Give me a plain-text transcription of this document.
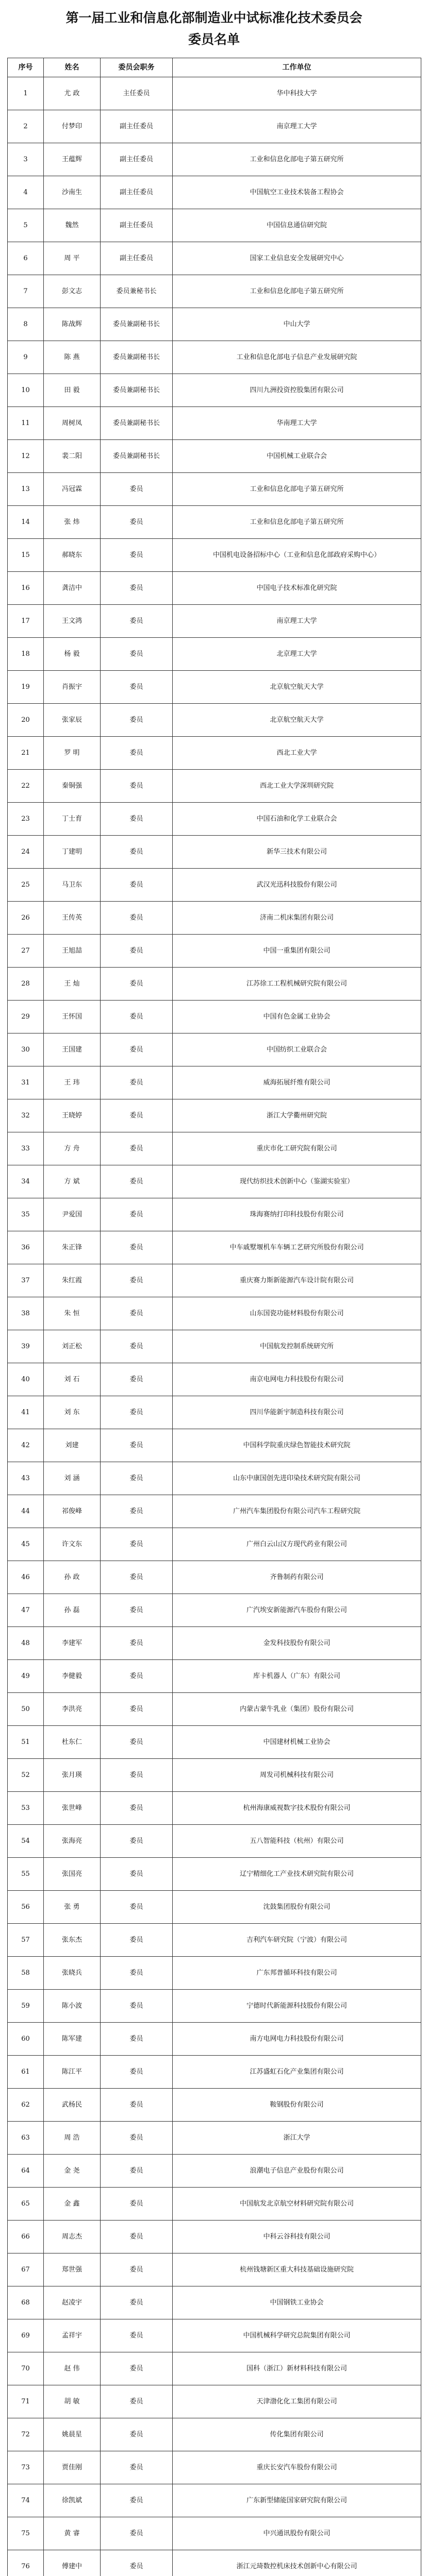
第一届工业和信息化部制造业中试标准化技术委员会
委员名单
序号	姓名	委员会职务	工作单位
1	尤 政	主任委员	华中科技大学
2	付梦印	副主任委员	南京理工大学
3	王蕴辉	副主任委员	工业和信息化部电子第五研究所
4	沙南生	副主任委员	中国航空工业技术装备工程协会
5	魏然	副主任委员	中国信息通信研究院
6	周 平	副主任委员	国家工业信息安全发展研究中心
7	彭文志	委员兼秘书长	工业和信息化部电子第五研究所
8	陈战辉	委员兼副秘书长	中山大学
9	陈 燕	委员兼副秘书长	工业和信息化部电子信息产业发展研究院
10	田 毅	委员兼副秘书长	四川九洲投资控股集团有限公司
11	周树凤	委员兼副秘书长	华南理工大学
12	裴二阳	委员兼副秘书长	中国机械工业联合会
13	冯冠霖	委员	工业和信息化部电子第五研究所
14	张 炜	委员	工业和信息化部电子第五研究所
15	郝晓东	委员	中国机电设备招标中心（工业和信息化部政府采购中心）
16	龚洁中	委员	中国电子技术标准化研究院
17	王文鸿	委员	南京理工大学
18	杨 毅	委员	北京理工大学
19	肖振宇	委员	北京航空航天大学
20	张家辰	委员	北京航空航天大学
21	罗 明	委员	西北工业大学
22	秦铜强	委员	西北工业大学深圳研究院
23	丁士育	委员	中国石油和化学工业联合会
24	丁建明	委员	新华三技术有限公司
25	马卫东	委员	武汉光迅科技股份有限公司
26	王传英	委员	济南二机床集团有限公司
27	王旭喆	委员	中国一重集团有限公司
28	王 灿	委员	江苏徐工工程机械研究院有限公司
29	王怀国	委员	中国有色金属工业协会
30	王国建	委员	中国纺织工业联合会
31	王 玮	委员	威海拓展纤维有限公司
32	王晓婷	委员	浙江大学衢州研究院
33	方 舟	委员	重庆市化工研究院有限公司
34	方 斌	委员	现代纺织技术创新中心（鉴湖实验室）
35	尹爱国	委员	珠海赛纳打印科技股份有限公司
36	朱正锋	委员	中车戚墅堰机车车辆工艺研究所股份有限公司
37	朱红霞	委员	重庆赛力斯新能源汽车设计院有限公司
38	朱 恒	委员	山东国瓷功能材料股份有限公司
39	刘正松	委员	中国航发控制系统研究所
40	刘 石	委员	南京电网电力科技股份有限公司
41	刘 东	委员	四川华能新宇制造科技有限公司
42	刘建	委员	中国科学院重庆绿色智能技术研究院
43	刘 涵	委员	山东中康国创先进印染技术研究院有限公司
44	祁俊峰	委员	广州汽车集团股份有限公司汽车工程研究院
45	许文东	委员	广州白云山汉方现代药业有限公司
46	孙 政	委员	齐鲁制药有限公司
47	孙 磊	委员	广汽埃安新能源汽车股份有限公司
48	李建军	委员	金发科技股份有限公司
49	李健毅	委员	库卡机器人（广东）有限公司
50	李洪亮	委员	内蒙古蒙牛乳业（集团）股份有限公司
51	杜东仁	委员	中国建材机械工业协会
52	张月瑛	委员	周发司机械科技有限公司
53	张世峰	委员	杭州海康威视数字技术股份有限公司
54	张海亮	委员	五八智能科技（杭州）有限公司
55	张国亮	委员	辽宁精细化工产业技术研究院有限公司
56	张 勇	委员	沈鼓集团股份有限公司
57	张东杰	委员	吉利汽车研究院（宁波）有限公司
58	张晓兵	委员	广东邦普循环科技有限公司
59	陈小波	委员	宁德时代新能源科技股份有限公司
60	陈军建	委员	南方电网电力科技股份有限公司
61	陈江平	委员	江苏盛虹石化产业集团有限公司
62	武杨民	委员	鞍钢股份有限公司
63	周 浩	委员	浙江大学
64	金 尧	委员	浪潮电子信息产业股份有限公司
65	金 鑫	委员	中国航发北京航空材料研究院有限公司
66	周志杰	委员	中科云谷科技有限公司
67	郑世强	委员	杭州钱塘新区重大科技基础设施研究院
68	赵凌宇	委员	中国钢铁工业协会
69	孟祥宇	委员	中国机械科学研究总院集团有限公司
70	赵 伟	委员	国科（浙江）新材料科技有限公司
71	胡 敏	委员	天津渤化化工集团有限公司
72	姚晨星	委员	传化集团有限公司
73	贾佳刚	委员	重庆长安汽车股份有限公司
74	徐凯斌	委员	广东新型储能国家研究院有限公司
75	黄 睿	委员	中兴通讯股份有限公司
76	傅建中	委员	浙江元琦数控机床技术创新中心有限公司
